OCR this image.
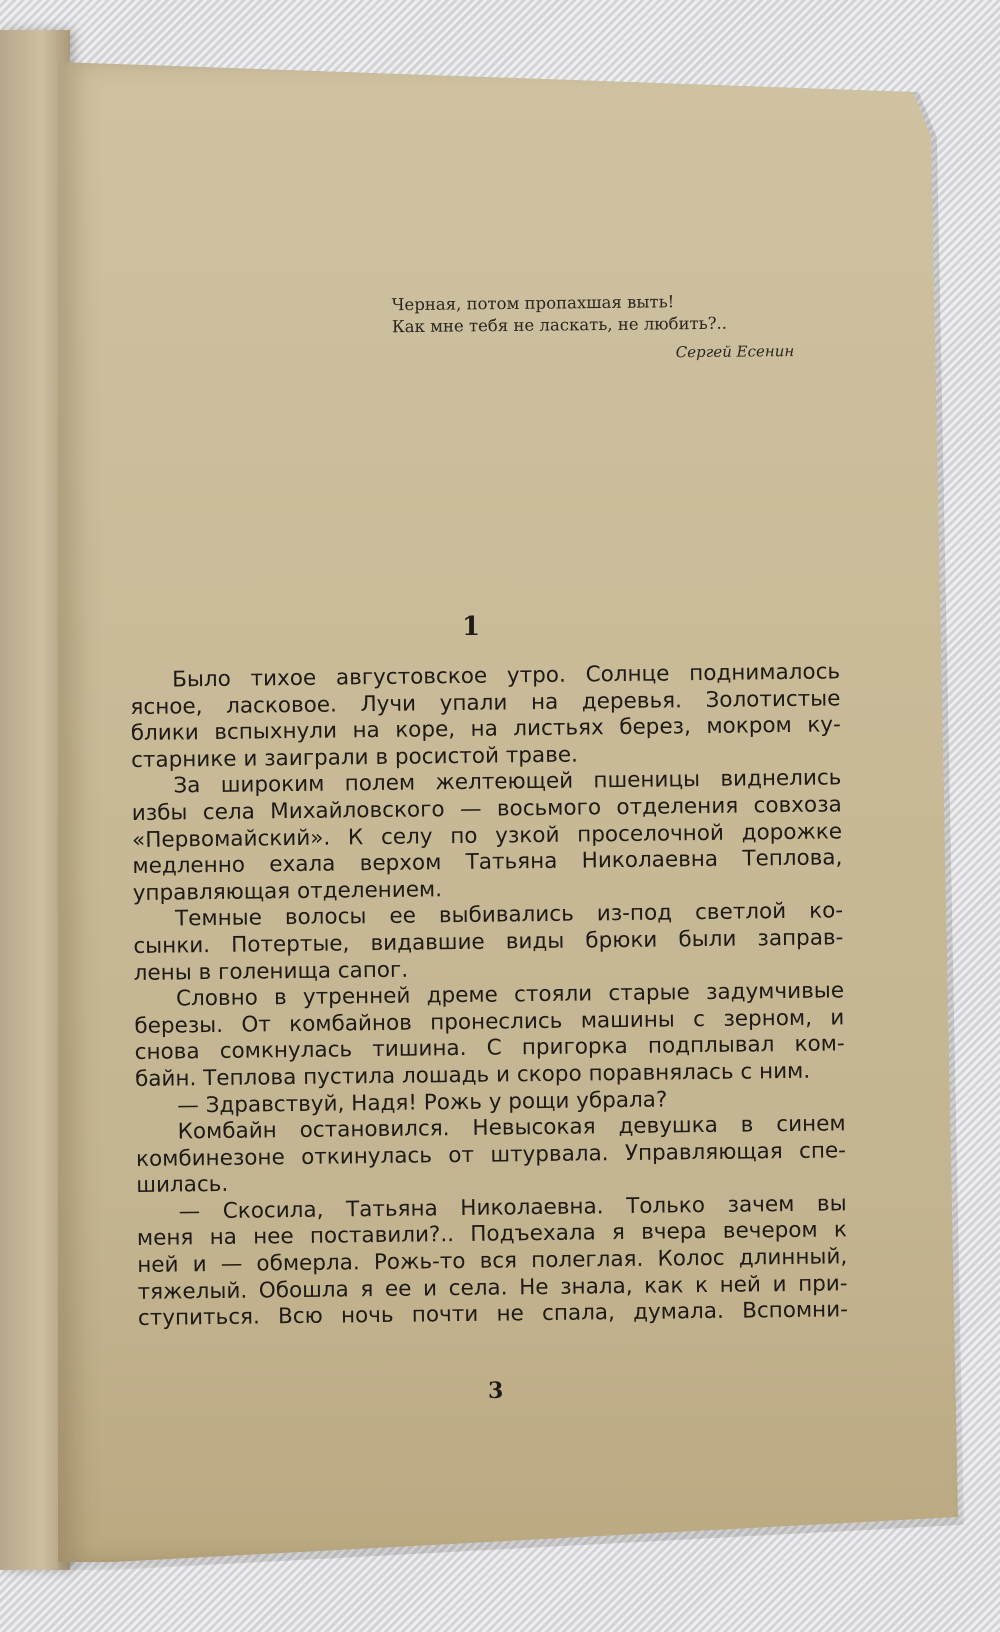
Черная, потом пропахшая выть!
Как мне тебя не ласкать, не любить?..
Сергей Есенин
1
Было тихое августовское утро. Солнце поднималось
ясное, ласковое. Лучи упали на деревья. Золотистые
блики вспыхнули на коре, на листьях берез, мокром ку-
старнике и заиграли в росистой траве.
За широким полем желтеющей пшеницы виднелись
избы села Михайловского — восьмого отделения совхоза
«Первомайский». К селу по узкой проселочной дорожке
медленно ехала верхом Татьяна Николаевна Теплова,
управляющая отделением.
Темные волосы ее выбивались из-под светлой ко-
сынки. Потертые, видавшие виды брюки были заправ-
лены в голенища сапог.
Словно в утренней дреме стояли старые задумчивые
березы. От комбайнов пронеслись машины с зерном, и
снова сомкнулась тишина. С пригорка подплывал ком-
байн. Теплова пустила лошадь и скоро поравнялась с ним.
— Здравствуй, Надя! Рожь у рощи убрала?
Комбайн остановился. Невысокая девушка в синем
комбинезоне откинулась от штурвала. Управляющая спе-
шилась.
— Скосила, Татьяна Николаевна. Только зачем вы
меня на нее поставили?.. Подъехала я вчера вечером к
ней и — обмерла. Рожь-то вся полеглая. Колос длинный,
тяжелый. Обошла я ее и села. Не знала, как к ней и при-
ступиться. Всю ночь почти не спала, думала. Вспомни-
3
